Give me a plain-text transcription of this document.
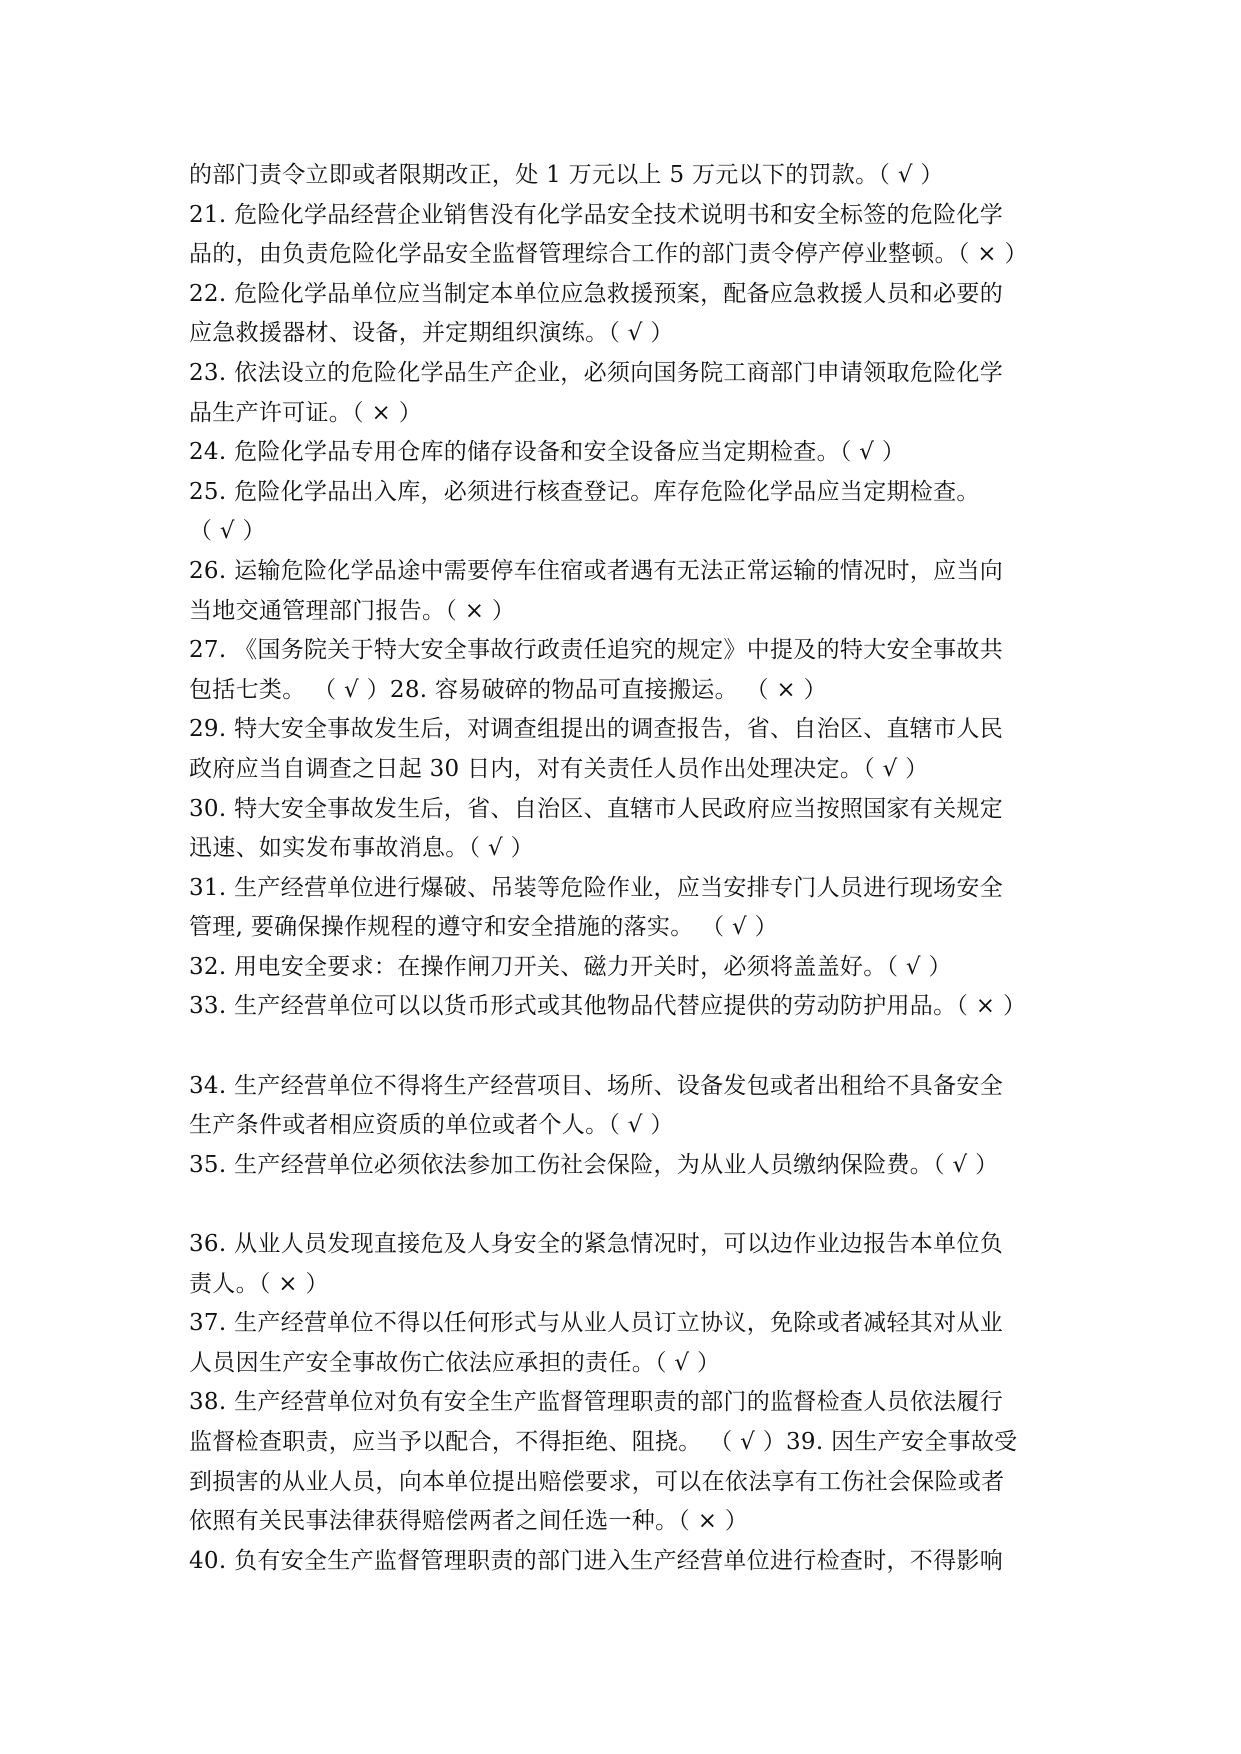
的部门责令立即或者限期改正，处 1 万元以上 5 万元以下的罚款。（ √ ）
21. 危险化学品经营企业销售没有化学品安全技术说明书和安全标签的危险化学
品的，由负责危险化学品安全监督管理综合工作的部门责令停产停业整顿。（ × ）
22. 危险化学品单位应当制定本单位应急救援预案，配备应急救援人员和必要的
应急救援器材、设备，并定期组织演练。（ √ ）
23. 依法设立的危险化学品生产企业，必须向国务院工商部门申请领取危险化学
品生产许可证。（ × ）
24. 危险化学品专用仓库的储存设备和安全设备应当定期检查。（ √ ）
25. 危险化学品出入库，必须进行核查登记。库存危险化学品应当定期检查。
（ √ ）
26. 运输危险化学品途中需要停车住宿或者遇有无法正常运输的情况时，应当向
当地交通管理部门报告。（ × ）
27. 《国务院关于特大安全事故行政责任追究的规定》中提及的特大安全事故共
包括七类。 （ √ ）28. 容易破碎的物品可直接搬运。 （ × ）
29. 特大安全事故发生后，对调查组提出的调查报告，省、自治区、直辖市人民
政府应当自调查之日起 30 日内，对有关责任人员作出处理决定。（ √ ）
30. 特大安全事故发生后，省、自治区、直辖市人民政府应当按照国家有关规定
迅速、如实发布事故消息。（ √ ）
31. 生产经营单位进行爆破、吊装等危险作业，应当安排专门人员进行现场安全
管理, 要确保操作规程的遵守和安全措施的落实。 （ √ ）
32. 用电安全要求：在操作闸刀开关、磁力开关时，必须将盖盖好。（ √ ）
33. 生产经营单位可以以货币形式或其他物品代替应提供的劳动防护用品。（ × ）
34. 生产经营单位不得将生产经营项目、场所、设备发包或者出租给不具备安全
生产条件或者相应资质的单位或者个人。（ √ ）
35. 生产经营单位必须依法参加工伤社会保险，为从业人员缴纳保险费。（ √ ）
36. 从业人员发现直接危及人身安全的紧急情况时，可以边作业边报告本单位负
责人。（ × ）
37. 生产经营单位不得以任何形式与从业人员订立协议，免除或者减轻其对从业
人员因生产安全事故伤亡依法应承担的责任。（ √ ）
38. 生产经营单位对负有安全生产监督管理职责的部门的监督检查人员依法履行
监督检查职责，应当予以配合，不得拒绝、阻挠。 （ √ ）39. 因生产安全事故受
到损害的从业人员，向本单位提出赔偿要求，可以在依法享有工伤社会保险或者
依照有关民事法律获得赔偿两者之间任选一种。（ × ）
40. 负有安全生产监督管理职责的部门进入生产经营单位进行检查时，不得影响
